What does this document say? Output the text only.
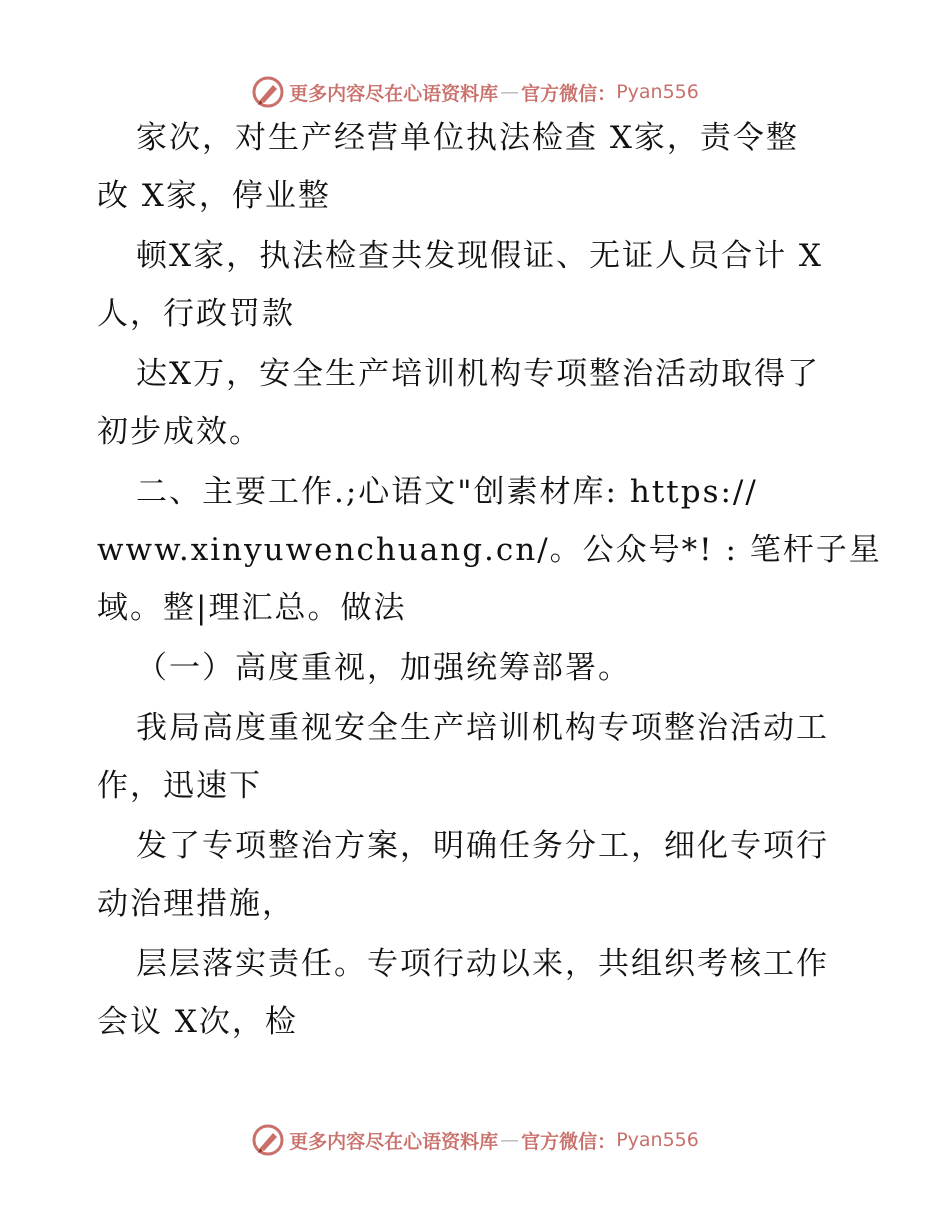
更多内容尽在心语资料库 — 官方微信： Pyan556
家次，对生产经营单位执法检查 X家，责令整
改 X家，停业整
顿X家，执法检查共发现假证、无证人员合计 X
人，行政罚款
达X万，安全生产培训机构专项整治活动取得了
初步成效。
二、主要工作.;心语文"创素材库: https://
www.xinyuwenchuang.cn/。公众号*! : 笔杆子星
域。整|理汇总。做法
（一）高度重视，加强统筹部署。
我局高度重视安全生产培训机构专项整治活动工
作，迅速下
发了专项整治方案，明确任务分工，细化专项行
动治理措施，
层层落实责任。专项行动以来，共组织考核工作
会议 X次，检
更多内容尽在心语资料库 — 官方微信： Pyan556
